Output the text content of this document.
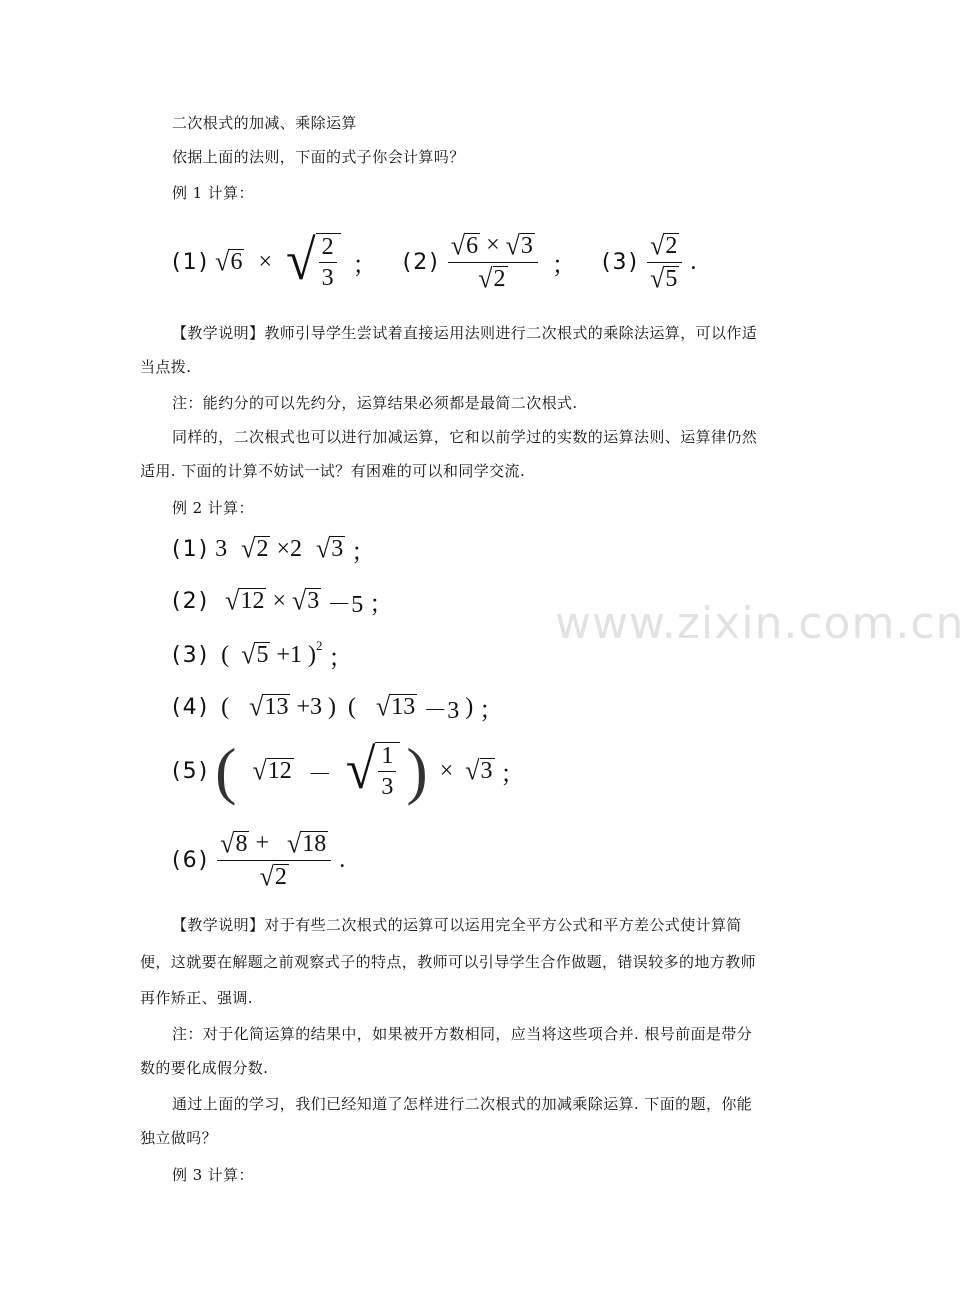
二次根式的加减、乘除运算
依据上面的法则，下面的式子你会计算吗？
例 1 计算：
(1) √ 6 × √ $\frac{2}{3}$ ； $(2) \frac{√ 6 \times √ 3}{√ 2}$ ； $(3) \frac{√ 2}{√ 5}$ .
【教学说明】教师引导学生尝试着直接运用法则进行二次根式的乘除法运算，可以作适
当点拨.
注：能约分的可以先约分，运算结果必须都是最简二次根式.
同样的，二次根式也可以进行加减运算，它和以前学过的实数的运算法则、运算律仍然
适用. 下面的计算不妨试一试？有困难的可以和同学交流.
例 2 计算：
(1) 3 √ 2 ×2 √ 3 ；
(2) √ 12 × √ 3 －5 ；
(3) ( √ 5 +1 )$^2$ ；
(4) ( √ 13 +3 ) ( √ 13 －3 ) ；
(5) ( √ 12 － √ $\frac{1}{3}$ ) × √ 3 ；
$(6) \frac{√ 8 + √ 18}{√ 2}$ .
【教学说明】对于有些二次根式的运算可以运用完全平方公式和平方差公式使计算简
便，这就要在解题之前观察式子的特点，教师可以引导学生合作做题，错误较多的地方教师
再作矫正、强调.
注：对于化简运算的结果中，如果被开方数相同，应当将这些项合并. 根号前面是带分
数的要化成假分数.
通过上面的学习，我们已经知道了怎样进行二次根式的加减乘除运算. 下面的题，你能
独立做吗？
例 3 计算：
www.zixin.com.cn
